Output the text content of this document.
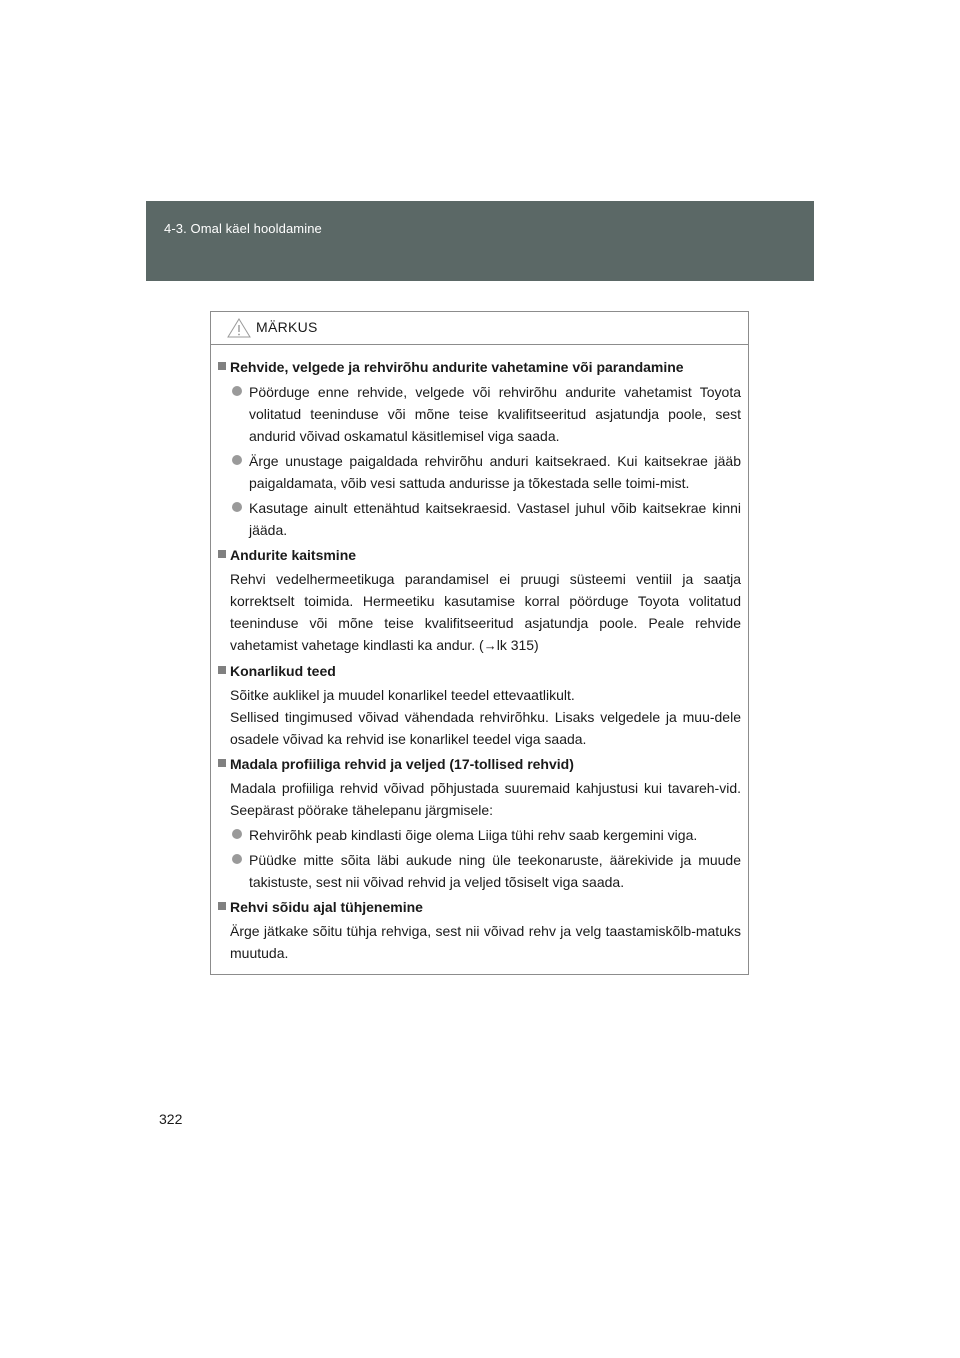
4-3. Omal käel hooldamine
MÄRKUS
Rehvide, velgede ja rehvirõhu andurite vahetamine või parandamine
Pöörduge enne rehvide, velgede või rehvirõhu andurite vahetamist Toyota volitatud teeninduse või mõne teise kvalifitseeritud asjatundja poole, sest andurid võivad oskamatul käsitlemisel viga saada.
Ärge unustage paigaldada rehvirõhu anduri kaitsekraed. Kui kaitsekrae jääb paigaldamata, võib vesi sattuda andurisse ja tõkestada selle toimi-mist.
Kasutage ainult ettenähtud kaitsekraesid. Vastasel juhul võib kaitsekrae kinni jääda.
Andurite kaitsmine
Rehvi vedelhermeetikuga parandamisel ei pruugi süsteemi ventiil ja saatja korrektselt toimida. Hermeetiku kasutamise korral pöörduge Toyota volitatud teeninduse või mõne teise kvalifitseeritud asjatundja poole. Peale rehvide vahetamist vahetage kindlasti ka andur. (→lk 315)
Konarlikud teed
Sõitke auklikel ja muudel konarlikel teedel ettevaatlikult.
Sellised tingimused võivad vähendada rehvirõhku. Lisaks velgedele ja muu-dele osadele võivad ka rehvid ise konarlikel teedel viga saada.
Madala profiiliga rehvid ja veljed (17-tollised rehvid)
Madala profiiliga rehvid võivad põhjustada suuremaid kahjustusi kui tavareh-vid. Seepärast pöörake tähelepanu järgmisele:
Rehvirõhk peab kindlasti õige olema Liiga tühi rehv saab kergemini viga.
Püüdke mitte sõita läbi aukude ning üle teekonaruste, äärekivide ja muude takistuste, sest nii võivad rehvid ja veljed tõsiselt viga saada.
Rehvi sõidu ajal tühjenemine
Ärge jätkake sõitu tühja rehviga, sest nii võivad rehv ja velg taastamiskõlb-matuks muutuda.
322
